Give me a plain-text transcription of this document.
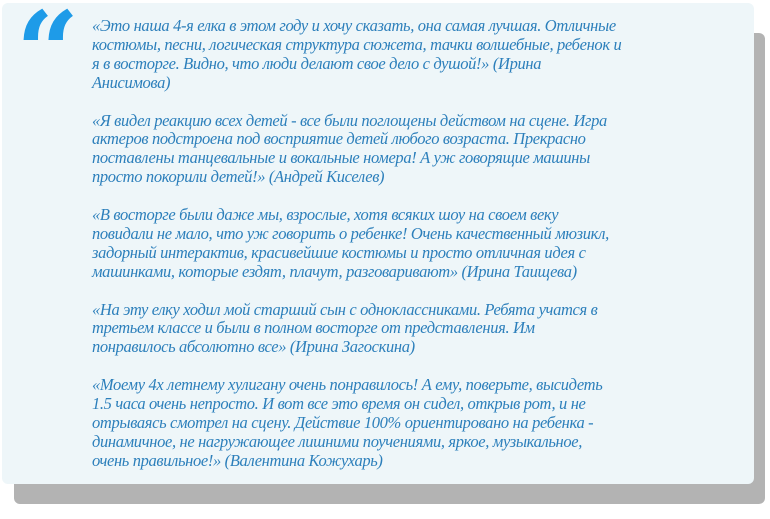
“ «Это наша 4-я елка в этом году и хочу сказать, она самая лучшая. Отличные
костюмы, песни, логическая структура сюжета, тачки волшебные, ребенок и
я в восторге. Видно, что люди делают свое дело с душой!» (Ирина
Анисимова)
«Я видел реакцию всех детей - все были поглощены действом на сцене. Игра
актеров подстроена под восприятие детей любого возраста. Прекрасно
поставлены танцевальные и вокальные номера! А уж говорящие машины
просто покорили детей!» (Андрей Киселев)
«В восторге были даже мы, взрослые, хотя всяких шоу на своем веку
повидали не мало, что уж говорить о ребенке! Очень качественный мюзикл,
задорный интерактив, красивейшие костюмы и просто отличная идея с
машинками, которые ездят, плачут, разговаривают» (Ирина Таищева)
«На эту елку ходил мой старший сын с одноклассниками. Ребята учатся в
третьем классе и были в полном восторге от представления. Им
понравилось абсолютно все» (Ирина Загоскина)
«Моему 4х летнему хулигану очень понравилось! А ему, поверьте, высидеть
1.5 часа очень непросто. И вот все это время он сидел, открыв рот, и не
отрываясь смотрел на сцену. Действие 100% ориентировано на ребенка -
динамичное, не нагружающее лишними поучениями, яркое, музыкальное,
очень правильное!» (Валентина Кожухарь)
